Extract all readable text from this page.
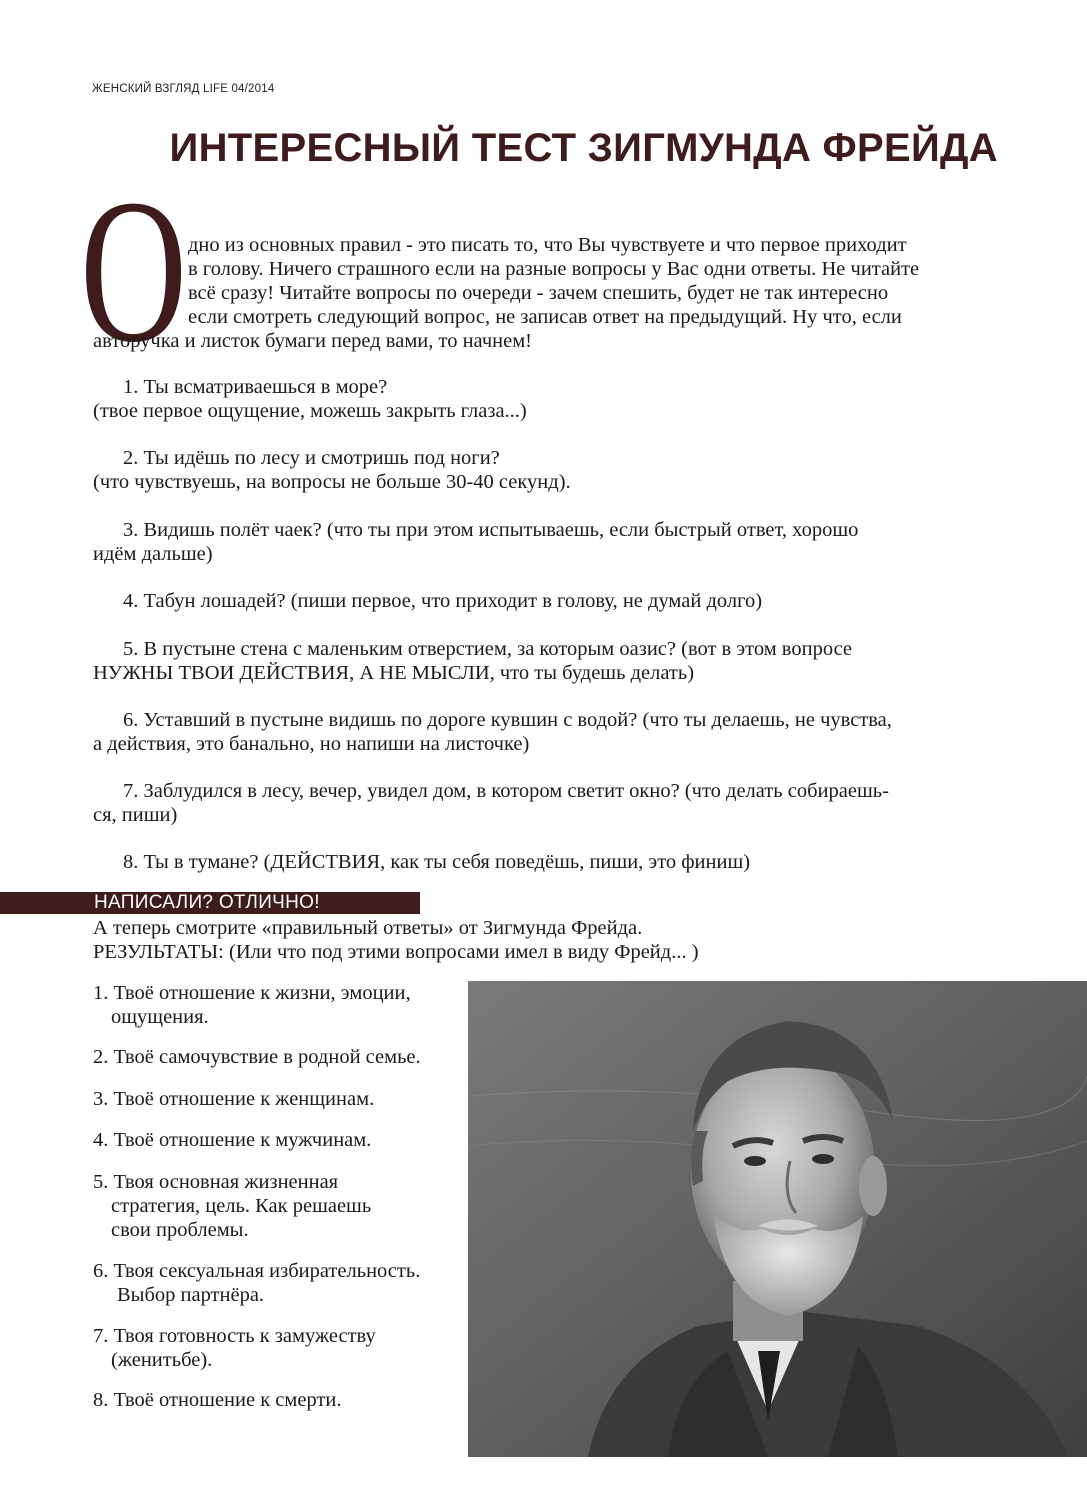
ЖЕНСКИЙ ВЗГЛЯД LIFE 04/2014
ИНТЕРЕСНЫЙ ТЕСТ ЗИГМУНДА ФРЕЙДА
О дно из основных правил - это писать то, что Вы чувствуете и что первое приходит
в голову. Ничего страшного если на разные вопросы у Вас одни ответы. Не читайте
всё сразу! Читайте вопросы по очереди - зачем спешить, будет не так интересно
если смотреть следующий вопрос, не записав ответ на предыдущий. Ну что, если
авторучка и листок бумаги перед вами, то начнем!
1. Ты всматриваешься в море?
(твое первое ощущение, можешь закрыть глаза...)
2. Ты идёшь по лесу и смотришь под ноги?
(что чувствуешь, на вопросы не больше 30-40 секунд).
3. Видишь полёт чаек? (что ты при этом испытываешь, если быстрый ответ, хорошо
идём дальше)
4. Табун лошадей? (пиши первое, что приходит в голову, не думай долго)
5. В пустыне стена с маленьким отверстием, за которым оазис? (вот в этом вопросе
НУЖНЫ ТВОИ ДЕЙСТВИЯ, А НЕ МЫСЛИ, что ты будешь делать)
6. Уставший в пустыне видишь по дороге кувшин с водой? (что ты делаешь, не чувства,
а действия, это банально, но напиши на листочке)
7. Заблудился в лесу, вечер, увидел дом, в котором светит окно? (что делать собираешь-
ся, пиши)
8. Ты в тумане? (ДЕЙСТВИЯ, как ты себя поведёшь, пиши, это финиш)
НАПИСАЛИ? ОТЛИЧНО!
А теперь смотрите «правильный ответы» от Зигмунда Фрейда.
РЕЗУЛЬТАТЫ: (Или что под этими вопросами имел в виду Фрейд... )
1. Твоё отношение к жизни, эмоции,
ощущения.
2. Твоё самочувствие в родной семье.
3. Твоё отношение к женщинам.
4. Твоё отношение к мужчинам.
5. Твоя основная жизненная
стратегия, цель. Как решаешь
свои проблемы.
6. Твоя сексуальная избирательность.
Выбор партнёра.
7. Твоя готовность к замужеству
(женитьбе).
8. Твоё отношение к смерти.
